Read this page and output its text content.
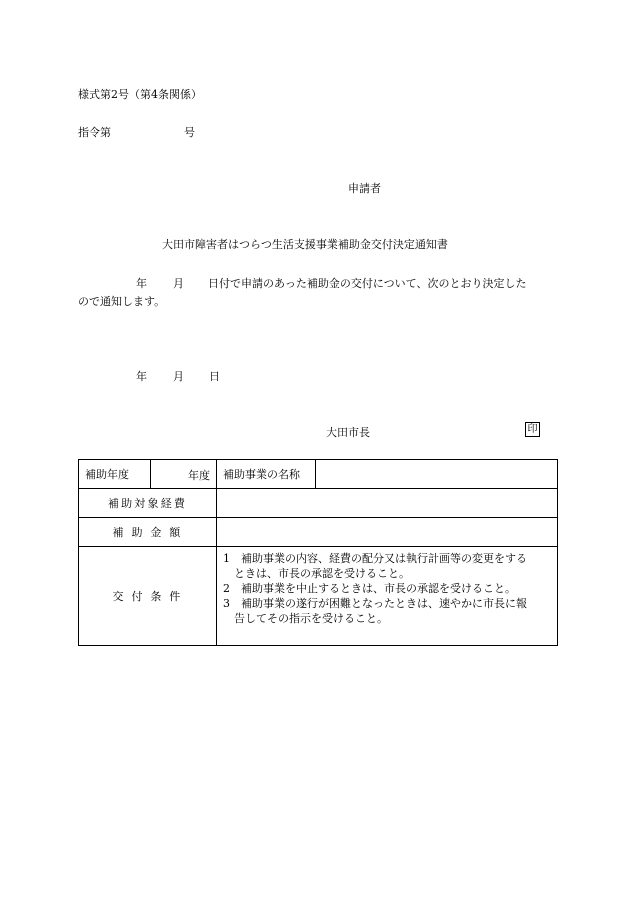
様式第2号（第4条関係）
指令第	号
申請者
大田市障害者はつらつ生活支援事業補助金交付決定通知書
年 月 日付で申請のあった補助金の交付について、次のとおり決定した
ので通知します。
年 月 日
大田市長	印
補助年度	年度	補助事業の名称	
補助対象経費			
補 助 金 額			
交 付 条 件		1　補助事業の内容、経費の配分又は執行計画等の変更をする
　ときは、市長の承認を受けること。
2　補助事業を中止するときは、市長の承認を受けること。
3　補助事業の遂行が困難となったときは、速やかに市長に報
　告してその指示を受けること。	
